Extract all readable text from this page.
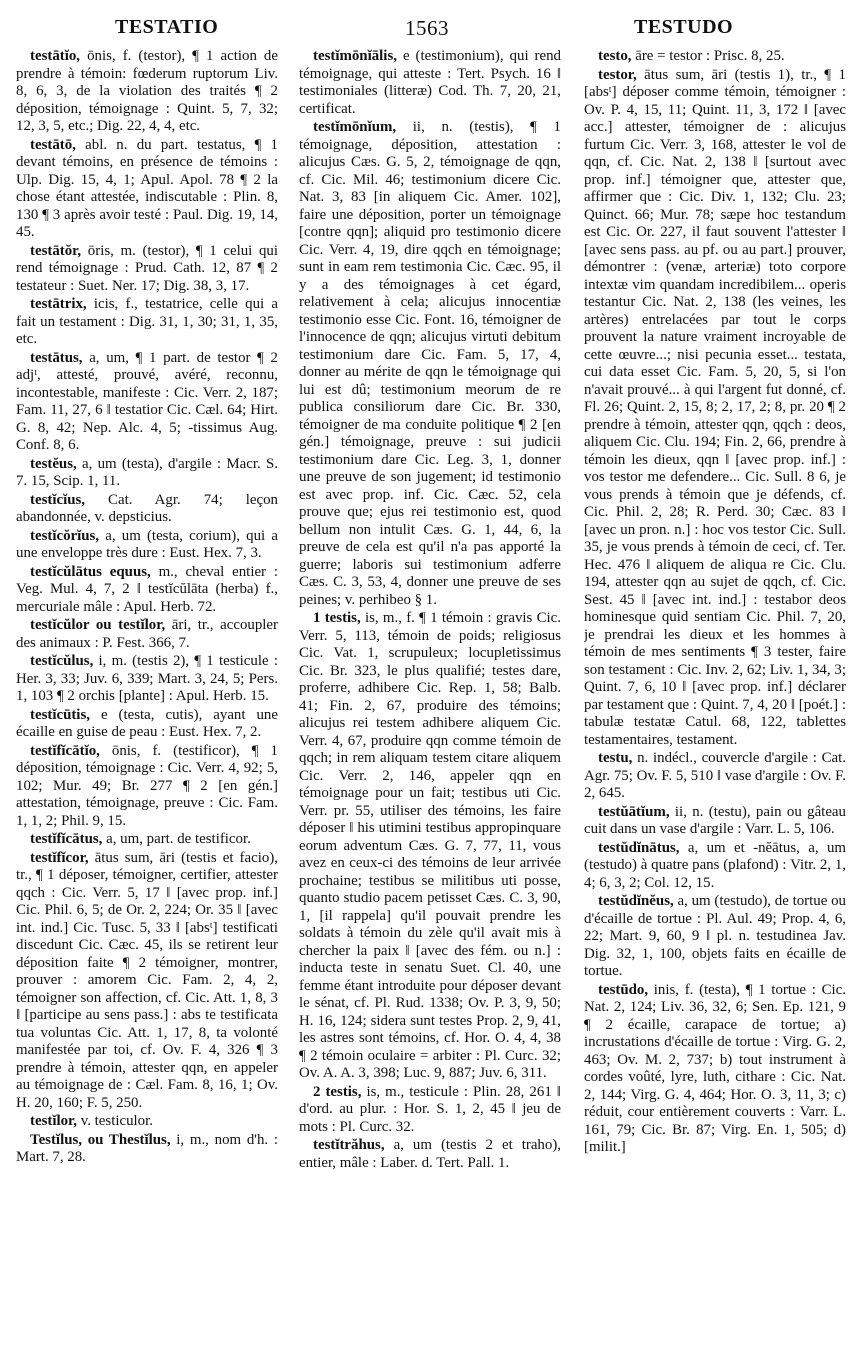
TESTATIO	1563	TESTUDO

testātĭo, ōnis, f. (testor), ¶ 1 action de prendre à témoin: fœderum ruptorum Liv. 8, 6, 3, de la violation des traités ¶ 2 déposition, témoignage : Quint. 5, 7, 32; 12, 3, 5, etc.; Dig. 22, 4, 4, etc.

testātō, abl. n. du part. testatus, ¶ 1 devant témoins, en présence de témoins : Ulp. Dig. 15, 4, 1; Apul. Apol. 78 ¶ 2 la chose étant attestée, indiscutable : Plin. 8, 130 ¶ 3 après avoir testé : Paul. Dig. 19, 14, 45.

testātŏr, ōris, m. (testor), ¶ 1 celui qui rend témoignage : Prud. Cath. 12, 87 ¶ 2 testateur : Suet. Ner. 17; Dig. 38, 3, 17.

testātrix, icis, f., testatrice, celle qui a fait un testament : Dig. 31, 1, 30; 31, 1, 35, etc.

testātus, a, um, ¶ 1 part. de testor ¶ 2 adjᵗ, attesté, prouvé, avéré, reconnu, incontestable, manifeste : Cic. Verr. 2, 187; Fam. 11, 27, 6 ‖ testatior Cic. Cæl. 64; Hirt. G. 8, 42; Nep. Alc. 4, 5; -tissimus Aug. Conf. 8, 6.

testĕus, a, um (testa), d'argile : Macr. S. 7. 15, Scip. 1, 11.

testĭcĭus, Cat. Agr. 74; leçon abandonnée, v. depsticius.

testĭcŏrĭus, a, um (testa, corium), qui a une enveloppe très dure : Eust. Hex. 7, 3.

testĭcŭlātus equus, m., cheval entier : Veg. Mul. 4, 7, 2 ‖ testĭcŭlāta (herba) f., mercuriale mâle : Apul. Herb. 72.

testĭcŭlor ou testĭlor, āri, tr., accoupler des animaux : P. Fest. 366, 7.

testĭcŭlus, i, m. (testis 2), ¶ 1 testicule : Her. 3, 33; Juv. 6, 339; Mart. 3, 24, 5; Pers. 1, 103 ¶ 2 orchis [plante] : Apul. Herb. 15.

testĭcūtis, e (testa, cutis), ayant une écaille en guise de peau : Eust. Hex. 7, 2.

testĭfĭcātĭo, ōnis, f. (testificor), ¶ 1 déposition, témoignage : Cic. Verr. 4, 92; 5, 102; Mur. 49; Br. 277 ¶ 2 [en gén.] attestation, témoignage, preuve : Cic. Fam. 1, 1, 2; Phil. 9, 15.

testĭfĭcātus, a, um, part. de testificor.

testĭfĭcor, ātus sum, āri (testis et facio), tr., ¶ 1 déposer, témoigner, certifier, attester qqch : Cic. Verr. 5, 17 ‖ [avec prop. inf.] Cic. Phil. 6, 5; de Or. 2, 224; Or. 35 ‖ [avec int. ind.] Cic. Tusc. 5, 33 ‖ [absᵗ] testificati discedunt Cic. Cæc. 45, ils se retirent leur déposition faite ¶ 2 témoigner, montrer, prouver : amorem Cic. Fam. 2, 4, 2, témoigner son affection, cf. Cic. Att. 1, 8, 3 ‖ [participe au sens pass.] : abs te testificata tua voluntas Cic. Att. 1, 17, 8, ta volonté manifestée par toi, cf. Ov. F. 4, 326 ¶ 3 prendre à témoin, attester qqn, en appeler au témoignage de : Cæl. Fam. 8, 16, 1; Ov. H. 20, 160; F. 5, 250.

testĭlor, v. testiculor.

Testĭlus, ou Thestĭlus, i, m., nom d'h. : Mart. 7, 28.

testĭmōnĭālis, e (testimonium), qui rend témoignage, qui atteste : Tert. Psych. 16 ‖ testimoniales (litteræ) Cod. Th. 7, 20, 21, certificat.

testĭmōnĭum, ii, n. (testis), ¶ 1 témoignage, déposition, attestation : alicujus Cæs. G. 5, 2, témoignage de qqn, cf. Cic. Mil. 46; testimonium dicere Cic. Nat. 3, 83 [in aliquem Cic. Amer. 102], faire une déposition, porter un témoignage [contre qqn]; aliquid pro testimonio dicere Cic. Verr. 4, 19, dire qqch en témoignage; sunt in eam rem testimonia Cic. Cæc. 95, il y a des témoignages à cet égard, relativement à cela; alicujus innocentiæ testimonio esse Cic. Font. 16, témoigner de l'innocence de qqn; alicujus virtuti debitum testimonium dare Cic. Fam. 5, 17, 4, donner au mérite de qqn le témoignage qui lui est dû; testimonium meorum de re publica consiliorum dare Cic. Br. 330, témoigner de ma conduite politique ¶ 2 [en gén.] témoignage, preuve : sui judicii testimonium dare Cic. Leg. 3, 1, donner une preuve de son jugement; id testimonio est avec prop. inf. Cic. Cæc. 52, cela prouve que; ejus rei testimonio est, quod bellum non intulit Cæs. G. 1, 44, 6, la preuve de cela est qu'il n'a pas apporté la guerre; laboris sui testimonium adferre Cæs. C. 3, 53, 4, donner une preuve de ses peines; v. perhibeo § 1.

1 testis, is, m., f. ¶ 1 témoin : gravis Cic. Verr. 5, 113, témoin de poids; religiosus Cic. Vat. 1, scrupuleux; locupletissimus Cic. Br. 323, le plus qualifié; testes dare, proferre, adhibere Cic. Rep. 1, 58; Balb. 41; Fin. 2, 67, produire des témoins; alicujus rei testem adhibere aliquem Cic. Verr. 4, 67, produire qqn comme témoin de qqch; in rem aliquam testem citare aliquem Cic. Verr. 2, 146, appeler qqn en témoignage pour un fait; testibus uti Cic. Verr. pr. 55, utiliser des témoins, les faire déposer ‖ his utimini testibus appropinquare eorum adventum Cæs. G. 7, 77, 11, vous avez en ceux-ci des témoins de leur arrivée prochaine; testibus se militibus uti posse, quanto studio pacem petisset Cæs. C. 3, 90, 1, [il rappela] qu'il pouvait prendre les soldats à témoin du zèle qu'il avait mis à chercher la paix ‖ [avec des fém. ou n.] : inducta teste in senatu Suet. Cl. 40, une femme étant introduite pour déposer devant le sénat, cf. Pl. Rud. 1338; Ov. P. 3, 9, 50; H. 16, 124; sidera sunt testes Prop. 2, 9, 41, les astres sont témoins, cf. Hor. O. 4, 4, 38 ¶ 2 témoin oculaire = arbiter : Pl. Curc. 32; Ov. A. A. 3, 398; Luc. 9, 887; Juv. 6, 311.

2 testis, is, m., testicule : Plin. 28, 261 ‖ d'ord. au plur. : Hor. S. 1, 2, 45 ‖ jeu de mots : Pl. Curc. 32.

testĭtrăhus, a, um (testis 2 et traho), entier, mâle : Laber. d. Tert. Pall. 1.

testo, āre = testor : Prisc. 8, 25.

testor, ātus sum, āri (testis 1), tr., ¶ 1 [absᵗ] déposer comme témoin, témoigner : Ov. P. 4, 15, 11; Quint. 11, 3, 172 ‖ [avec acc.] attester, témoigner de : alicujus furtum Cic. Verr. 3, 168, attester le vol de qqn, cf. Cic. Nat. 2, 138 ‖ [surtout avec prop. inf.] témoigner que, attester que, affirmer que : Cic. Div. 1, 132; Clu. 23; Quinct. 66; Mur. 78; sæpe hoc testandum est Cic. Or. 227, il faut souvent l'attester ‖ [avec sens pass. au pf. ou au part.] prouver, démontrer : (venæ, arteriæ) toto corpore intextæ vim quandam incredibilem... operis testantur Cic. Nat. 2, 138 (les veines, les artères) entrelacées par tout le corps prouvent la nature vraiment incroyable de cette œuvre...; nisi pecunia esset... testata, cui data esset Cic. Fam. 5, 20, 5, si l'on n'avait prouvé... à qui l'argent fut donné, cf. Fl. 26; Quint. 2, 15, 8; 2, 17, 2; 8, pr. 20 ¶ 2 prendre à témoin, attester qqn, qqch : deos, aliquem Cic. Clu. 194; Fin. 2, 66, prendre à témoin les dieux, qqn ‖ [avec prop. inf.] : vos testor me defendere... Cic. Sull. 8 6, je vous prends à témoin que je défends, cf. Cic. Phil. 2, 28; R. Perd. 30; Cæc. 83 ‖ [avec un pron. n.] : hoc vos testor Cic. Sull. 35, je vous prends à témoin de ceci, cf. Ter. Hec. 476 ‖ aliquem de aliqua re Cic. Clu. 194, attester qqn au sujet de qqch, cf. Cic. Sest. 45 ‖ [avec int. ind.] : testabor deos hominesque quid sentiam Cic. Phil. 7, 20, je prendrai les dieux et les hommes à témoin de mes sentiments ¶ 3 tester, faire son testament : Cic. Inv. 2, 62; Liv. 1, 34, 3; Quint. 7, 6, 10 ‖ [avec prop. inf.] déclarer par testament que : Quint. 7, 4, 20 ‖ [poét.] : tabulæ testatæ Catul. 68, 122, tablettes testamentaires, testament.

testu, n. indécl., couvercle d'argile : Cat. Agr. 75; Ov. F. 5, 510 ‖ vase d'argile : Ov. F. 2, 645.

testŭātĭum, ii, n. (testu), pain ou gâteau cuit dans un vase d'argile : Varr. L. 5, 106.

testŭdĭnātus, a, um et -nĕātus, a, um (testudo) à quatre pans (plafond) : Vitr. 2, 1, 4; 6, 3, 2; Col. 12, 15.

testŭdĭnĕus, a, um (testudo), de tortue ou d'écaille de tortue : Pl. Aul. 49; Prop. 4, 6, 22; Mart. 9, 60, 9 ‖ pl. n. testudinea Jav. Dig. 32, 1, 100, objets faits en écaille de tortue.

testūdo, inis, f. (testa), ¶ 1 tortue : Cic. Nat. 2, 124; Liv. 36, 32, 6; Sen. Ep. 121, 9 ¶ 2 écaille, carapace de tortue; a) incrustations d'écaille de tortue : Virg. G. 2, 463; Ov. M. 2, 737; b) tout instrument à cordes voûté, lyre, luth, cithare : Cic. Nat. 2, 144; Virg. G. 4, 464; Hor. O. 3, 11, 3; c) réduit, cour entièrement couverts : Varr. L. 161, 79; Cic. Br. 87; Virg. En. 1, 505; d) [milit.]
